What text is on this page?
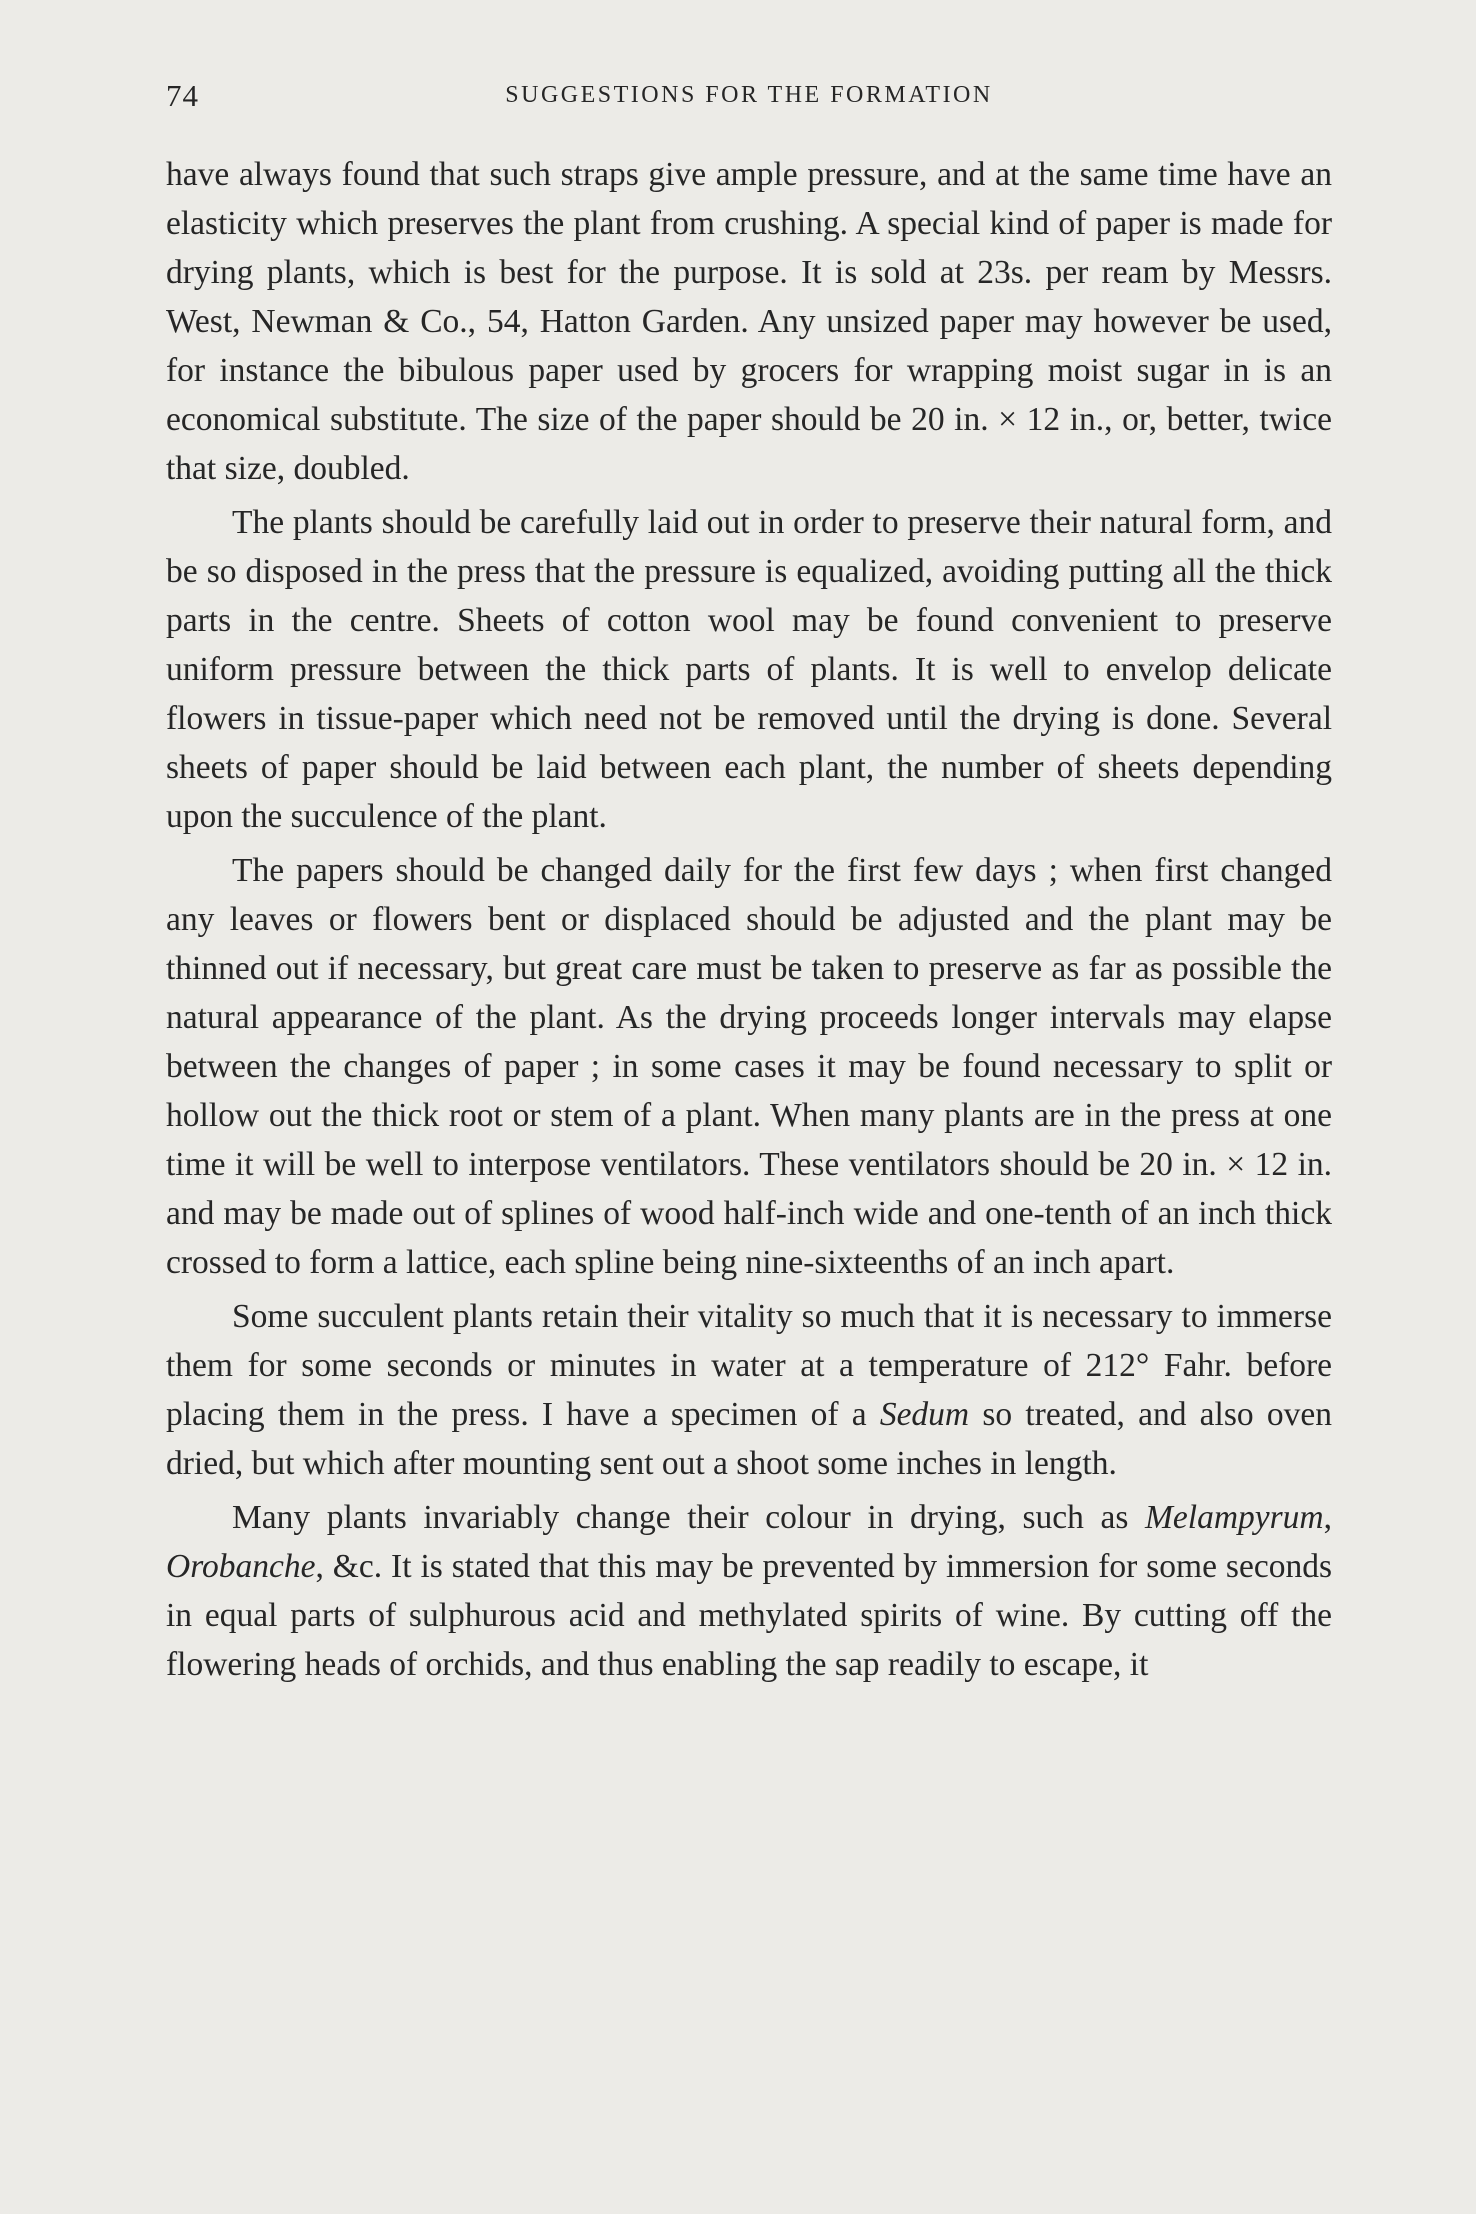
74	SUGGESTIONS FOR THE FORMATION

have always found that such straps give ample pressure, and at the same time have an elasticity which preserves the plant from crushing. A special kind of paper is made for drying plants, which is best for the purpose. It is sold at 23s. per ream by Messrs. West, Newman & Co., 54, Hatton Garden. Any unsized paper may however be used, for instance the bibulous paper used by grocers for wrapping moist sugar in is an economical substitute. The size of the paper should be 20 in. × 12 in., or, better, twice that size, doubled.

The plants should be carefully laid out in order to preserve their natural form, and be so disposed in the press that the pressure is equalized, avoiding putting all the thick parts in the centre. Sheets of cotton wool may be found convenient to preserve uniform pressure between the thick parts of plants. It is well to envelop delicate flowers in tissue-paper which need not be removed until the drying is done. Several sheets of paper should be laid between each plant, the number of sheets depending upon the succulence of the plant.

The papers should be changed daily for the first few days ; when first changed any leaves or flowers bent or displaced should be adjusted and the plant may be thinned out if necessary, but great care must be taken to preserve as far as possible the natural appearance of the plant. As the drying proceeds longer intervals may elapse between the changes of paper ; in some cases it may be found necessary to split or hollow out the thick root or stem of a plant. When many plants are in the press at one time it will be well to interpose ventilators. These ventilators should be 20 in. × 12 in. and may be made out of splines of wood half-inch wide and one-tenth of an inch thick crossed to form a lattice, each spline being nine-sixteenths of an inch apart.

Some succulent plants retain their vitality so much that it is necessary to immerse them for some seconds or minutes in water at a temperature of 212° Fahr. before placing them in the press. I have a specimen of a Sedum so treated, and also oven dried, but which after mounting sent out a shoot some inches in length.

Many plants invariably change their colour in drying, such as Melampyrum, Orobanche, &c. It is stated that this may be prevented by immersion for some seconds in equal parts of sulphurous acid and methylated spirits of wine. By cutting off the flowering heads of orchids, and thus enabling the sap readily to escape, it
